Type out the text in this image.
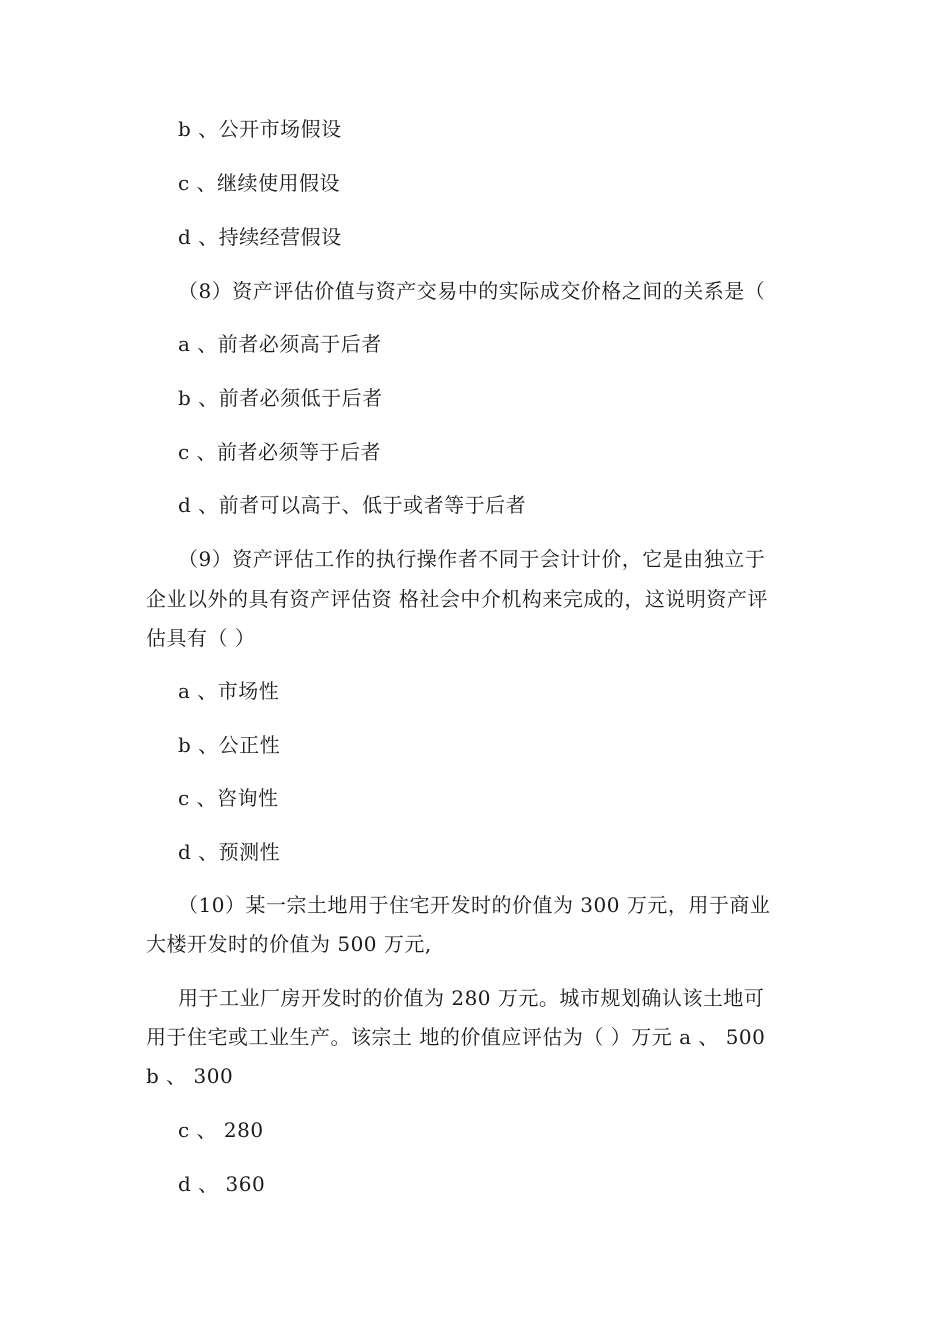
b 、公开市场假设
c 、继续使用假设
d 、持续经营假设
（8）资产评估价值与资产交易中的实际成交价格之间的关系是（
a 、前者必须高于后者
b 、前者必须低于后者
c 、前者必须等于后者
d 、前者可以高于、低于或者等于后者
（9）资产评估工作的执行操作者不同于会计计价，它是由独立于
企业以外的具有资产评估资 格社会中介机构来完成的，这说明资产评
估具有（ ）
a 、市场性
b 、公正性
c 、咨询性
d 、预测性
（10）某一宗土地用于住宅开发时的价值为 300 万元，用于商业
大楼开发时的价值为 500 万元,
用于工业厂房开发时的价值为 280 万元。城市规划确认该土地可
用于住宅或工业生产。该宗土 地的价值应评估为（ ）万元 a 、 500
b 、 300
c 、 280
d 、 360
